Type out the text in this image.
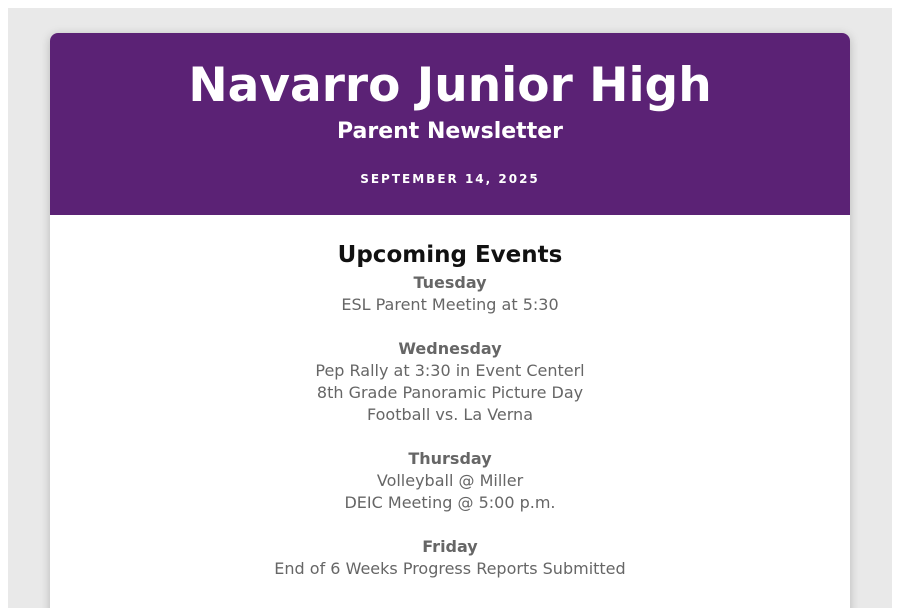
Navarro Junior High
Parent Newsletter
SEPTEMBER 14, 2025
Upcoming Events
Tuesday
ESL Parent Meeting at 5:30
Wednesday
Pep Rally at 3:30 in Event Centerl
8th Grade Panoramic Picture Day
Football vs. La Verna
Thursday
Volleyball @ Miller
DEIC Meeting @ 5:00 p.m.
Friday
End of 6 Weeks Progress Reports Submitted
